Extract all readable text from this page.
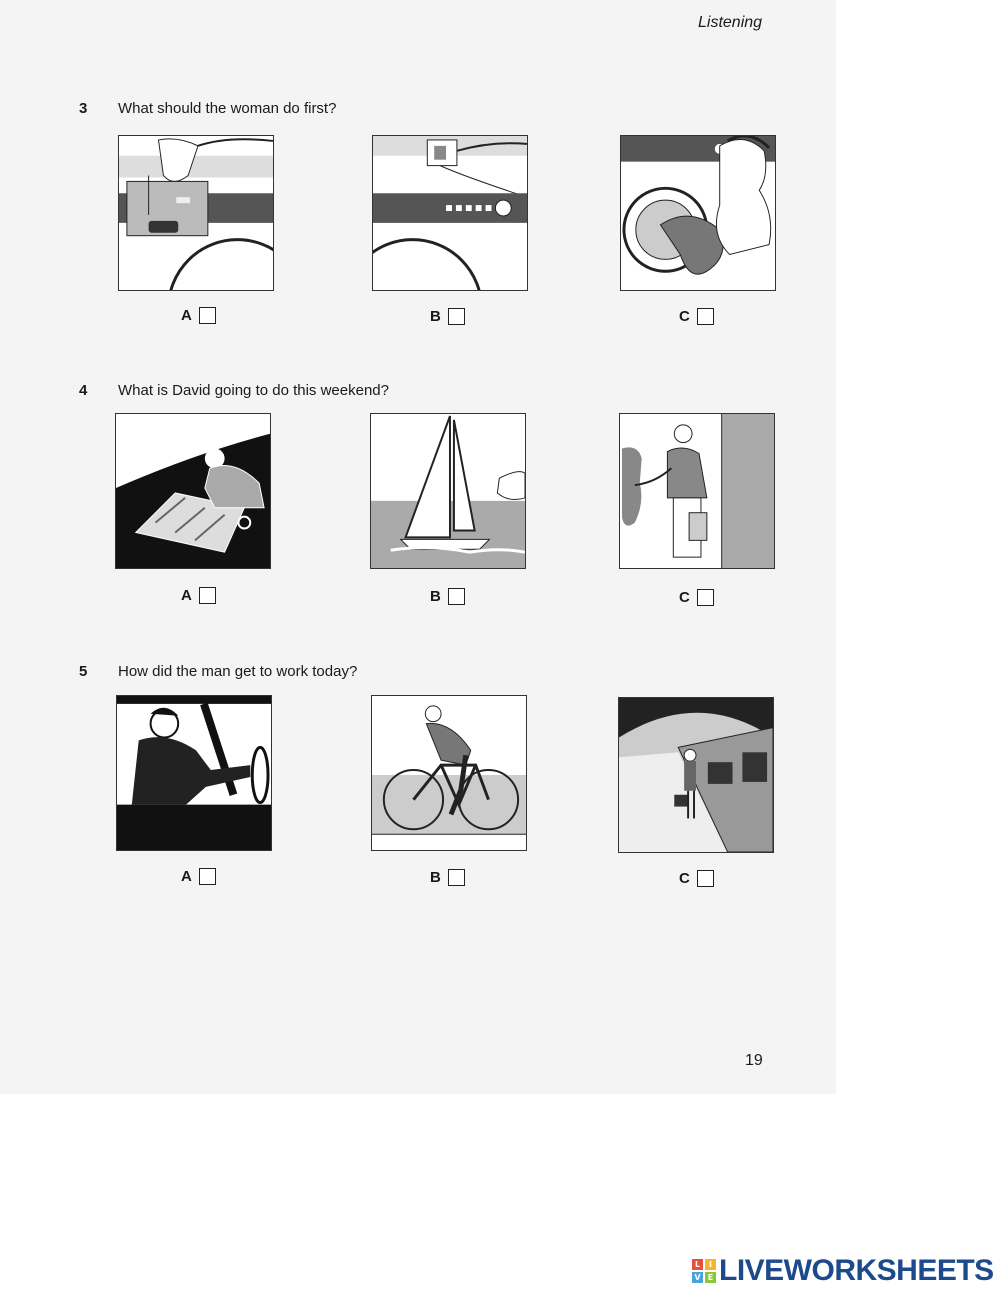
Listening
3 What should the woman do first?
A	B	C
4 What is David going to do this weekend?
A	B	C
5 How did the man get to work today?
A	B	C
19
L	I
V E LIVEWORKSHEETS
